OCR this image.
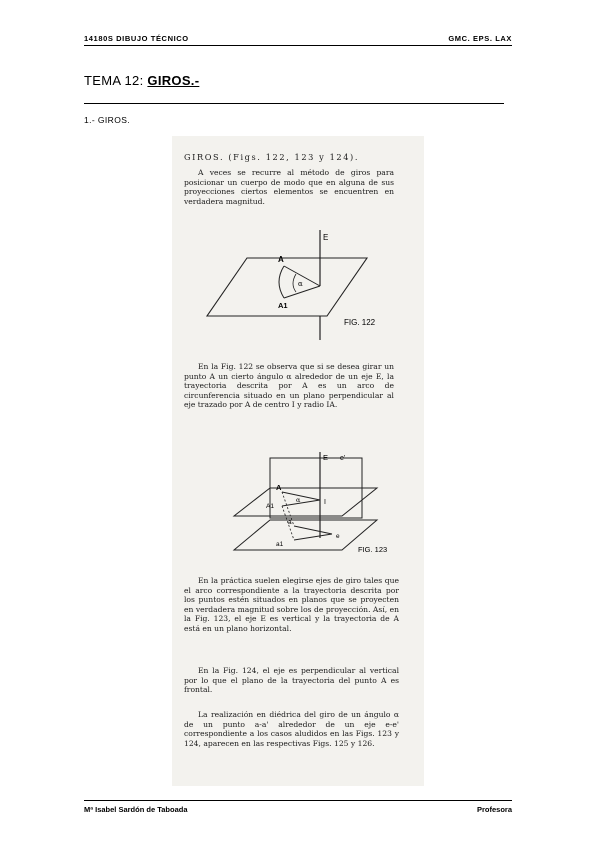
14180S DIBUJO TÉCNICO	GMC. EPS. LAX
TEMA 12: GIROS.-
1.- GIROS.
GIROS. (Figs. 122, 123 y 124).

A veces se recurre al método de giros para posicionar un cuerpo de modo que en alguna de sus proyecciones ciertos elementos se encuentren en verdadera magnitud.

E
A
α
A1
FIG. 122

En la Fig. 122 se observa que si se desea girar un punto A un cierto ángulo α alrededor de un eje E, la trayectoria descrita por A es un arco de circunferencia situado en un plano perpendicular al eje trazado por A de centro I y radio IA.

E e'
A
A1
I
α
a
a1
e
FIG. 123

En la práctica suelen elegirse ejes de giro tales que el arco correspondiente a la trayectoria descrita por los puntos estén situados en planos que se proyecten en verdadera magnitud sobre los de proyección. Así, en la Fig. 123, el eje E es vertical y la trayectoria de A está en un plano horizontal.

En la Fig. 124, el eje es perpendicular al vertical por lo que el plano de la trayectoria del punto A es frontal.

La realización en diédrica del giro de un ángulo α de un punto a-a' alrededor de un eje e-e' correspondiente a los casos aludidos en las Figs. 123 y 124, aparecen en las respectivas Figs. 125 y 126.

Mª Isabel Sardón de Taboada	Profesora
